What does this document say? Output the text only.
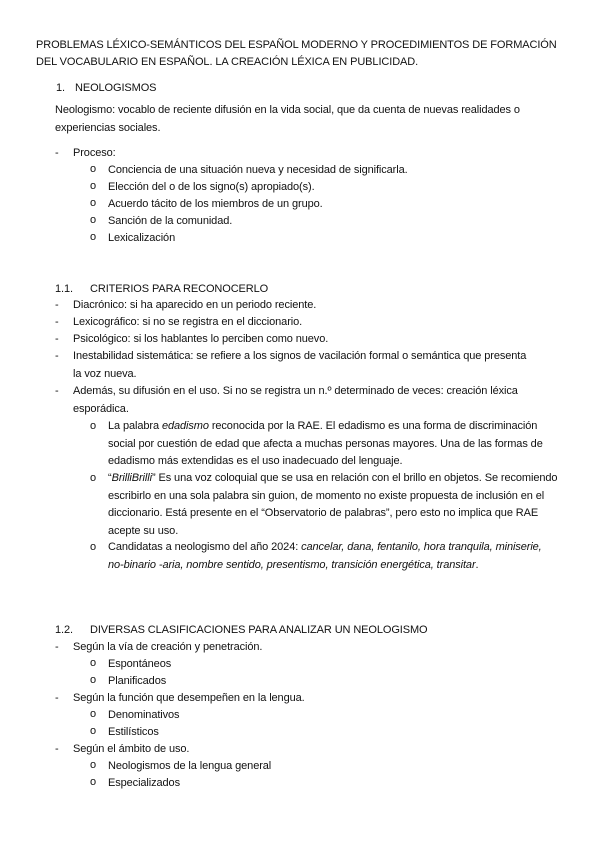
PROBLEMAS LÉXICO-SEMÁNTICOS DEL ESPAÑOL MODERNO Y PROCEDIMIENTOS DE FORMACIÓN DEL VOCABULARIO EN ESPAÑOL. LA CREACIÓN LÉXICA EN PUBLICIDAD.
1. NEOLOGISMOS
Neologismo: vocablo de reciente difusión en la vida social, que da cuenta de nuevas realidades o experiencias sociales.
-	Proceso:
o	Conciencia de una situación nueva y necesidad de significarla.
o	Elección del o de los signo(s) apropiado(s).
o	Acuerdo tácito de los miembros de un grupo.
o	Sanción de la comunidad.
o	Lexicalización
1.1. CRITERIOS PARA RECONOCERLO
-	Diacrónico: si ha aparecido en un periodo reciente.
-	Lexicográfico: si no se registra en el diccionario.
-	Psicológico: si los hablantes lo perciben como nuevo.
-	Inestabilidad sistemática: se refiere a los signos de vacilación formal o semántica que presenta la voz nueva.
-	Además, su difusión en el uso. Si no se registra un n.º determinado de veces: creación léxica esporádica.
o	La palabra edadismo reconocida por la RAE. El edadismo es una forma de discriminación social por cuestión de edad que afecta a muchas personas mayores. Una de las formas de edadismo más extendidas es el uso inadecuado del lenguaje.
o	“BrilliBrilli” Es una voz coloquial que se usa en relación con el brillo en objetos. Se recomiendo escribirlo en una sola palabra sin guion, de momento no existe propuesta de inclusión en el diccionario. Está presente en el “Observatorio de palabras”, pero esto no implica que RAE acepte su uso.
o	Candidatas a neologismo del año 2024: cancelar, dana, fentanilo, hora tranquila, miniserie, no-binario -aria, nombre sentido, presentismo, transición energética, transitar.
1.2. DIVERSAS CLASIFICACIONES PARA ANALIZAR UN NEOLOGISMO
-	Según la vía de creación y penetración.
o	Espontáneos
o	Planificados
-	Según la función que desempeñen en la lengua.
o	Denominativos
o	Estilísticos
-	Según el ámbito de uso.
o	Neologismos de la lengua general
o	Especializados
